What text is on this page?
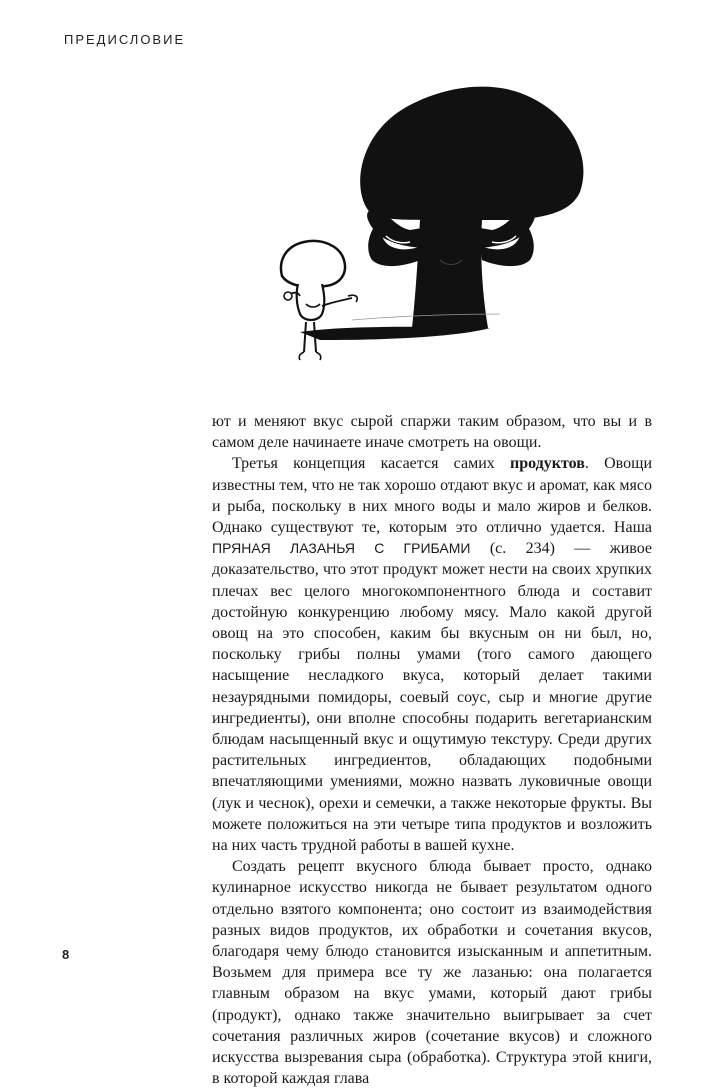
ПРЕДИСЛОВИЕ

ют и меняют вкус сырой спаржи таким образом, что вы и в самом деле начинаете иначе смотреть на овощи.

Третья концепция касается самих продуктов. Овощи известны тем, что не так хорошо отдают вкус и аромат, как мясо и рыба, поскольку в них много воды и мало жиров и белков. Однако существуют те, которым это отлично удается. Наша ПРЯНАЯ ЛАЗАНЬЯ С ГРИБАМИ (с. 234) — живое доказательство, что этот продукт может нести на своих хрупких плечах вес целого многокомпонентного блюда и составит достойную конкуренцию любому мясу. Мало какой другой овощ на это способен, каким бы вкусным он ни был, но, поскольку грибы полны умами (того самого дающего насыщение несладкого вкуса, который делает такими незаурядными помидоры, соевый соус, сыр и многие другие ингредиенты), они вполне способны подарить вегетарианским блюдам насыщенный вкус и ощутимую текстуру. Среди других растительных ингредиентов, обладающих подобными впечатляющими умениями, можно назвать луковичные овощи (лук и чеснок), орехи и семечки, а также некоторые фрукты. Вы можете положиться на эти четыре типа продуктов и возложить на них часть трудной работы в вашей кухне.

Создать рецепт вкусного блюда бывает просто, однако кулинарное искусство никогда не бывает результатом одного отдельно взятого компонента; оно состоит из взаимодействия разных видов продуктов, их обработки и сочетания вкусов, благодаря чему блюдо становится изысканным и аппетитным. Возьмем для примера все ту же лазанью: она полагается главным образом на вкус умами, который дают грибы (продукт), однако также значительно выигрывает за счет сочетания различных жиров (сочетание вкусов) и сложного искусства вызревания сыра (обработка). Структура этой книги, в которой каждая глава

8
